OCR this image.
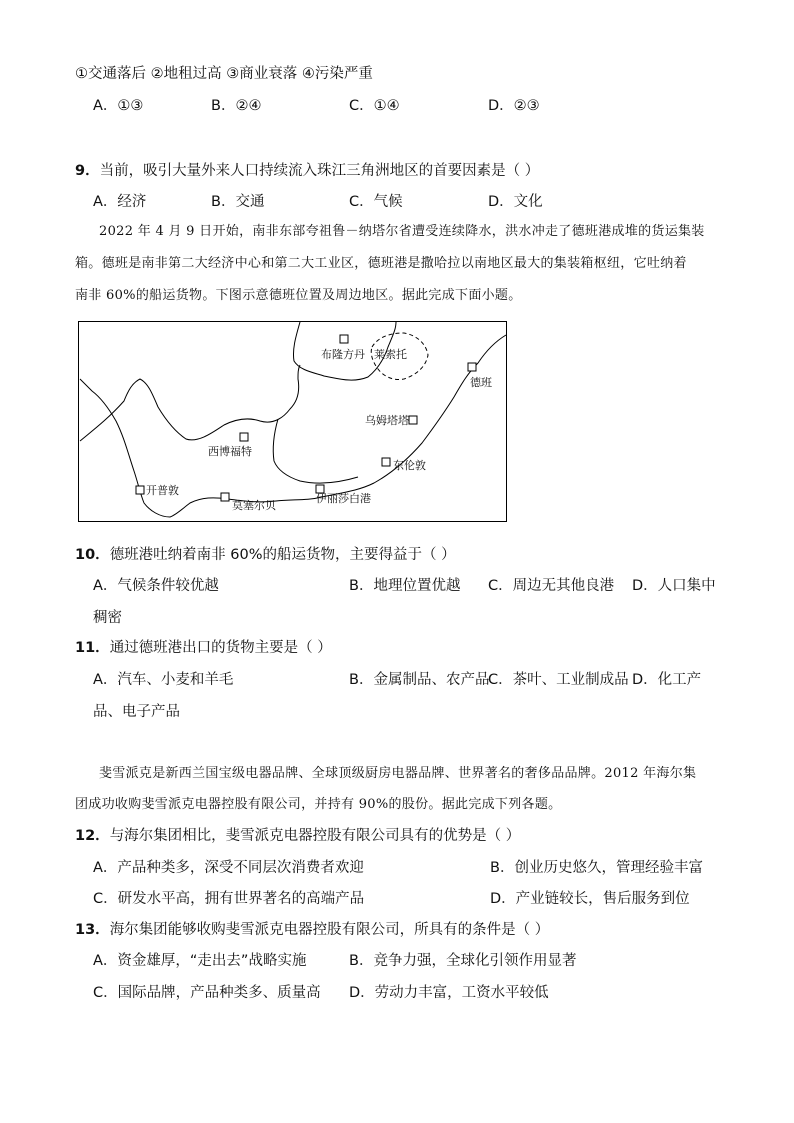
①交通落后 ②地租过高 ③商业衰落 ④污染严重
A．①③	B．②④	C．①④	D．②③
9．当前，吸引大量外来人口持续流入珠江三角洲地区的首要因素是（ ）
A．经济	B．交通	C．气候	D．文化
2022 年 4 月 9 日开始，南非东部夸祖鲁－纳塔尔省遭受连续降水，洪水冲走了德班港成堆的货运集装
箱。德班是南非第二大经济中心和第二大工业区，德班港是撒哈拉以南地区最大的集装箱枢纽，它吐纳着
南非 60%的船运货物。下图示意德班位置及周边地区。据此完成下面小题。
布隆方丹 莱索托
德班
乌姆塔塔
西博福特
东伦敦
开普敦
伊丽莎白港
莫塞尔贝
10．德班港吐纳着南非 60%的船运货物，主要得益于（ ）
A．气候条件较优越	B．地理位置优越 C．周边无其他良港 D．人口集中
稠密
11．通过德班港出口的货物主要是（ ）
A．汽车、小麦和羊毛	B．金属制品、农产品
C．茶叶、工业制成品 D．化工产
品、电子产品
斐雪派克是新西兰国宝级电器品牌、全球顶级厨房电器品牌、世界著名的奢侈品品牌。2012 年海尔集
团成功收购斐雪派克电器控股有限公司，并持有 90%的股份。据此完成下列各题。
12．与海尔集团相比，斐雪派克电器控股有限公司具有的优势是（ ）
A．产品种类多，深受不同层次消费者欢迎	B．创业历史悠久，管理经验丰富
C．研发水平高，拥有世界著名的高端产品	D．产业链较长，售后服务到位
13．海尔集团能够收购斐雪派克电器控股有限公司，所具有的条件是（ ）
A．资金雄厚，“走出去”战略实施	B．竞争力强，全球化引领作用显著
C．国际品牌，产品种类多、质量高 D．劳动力丰富，工资水平较低
